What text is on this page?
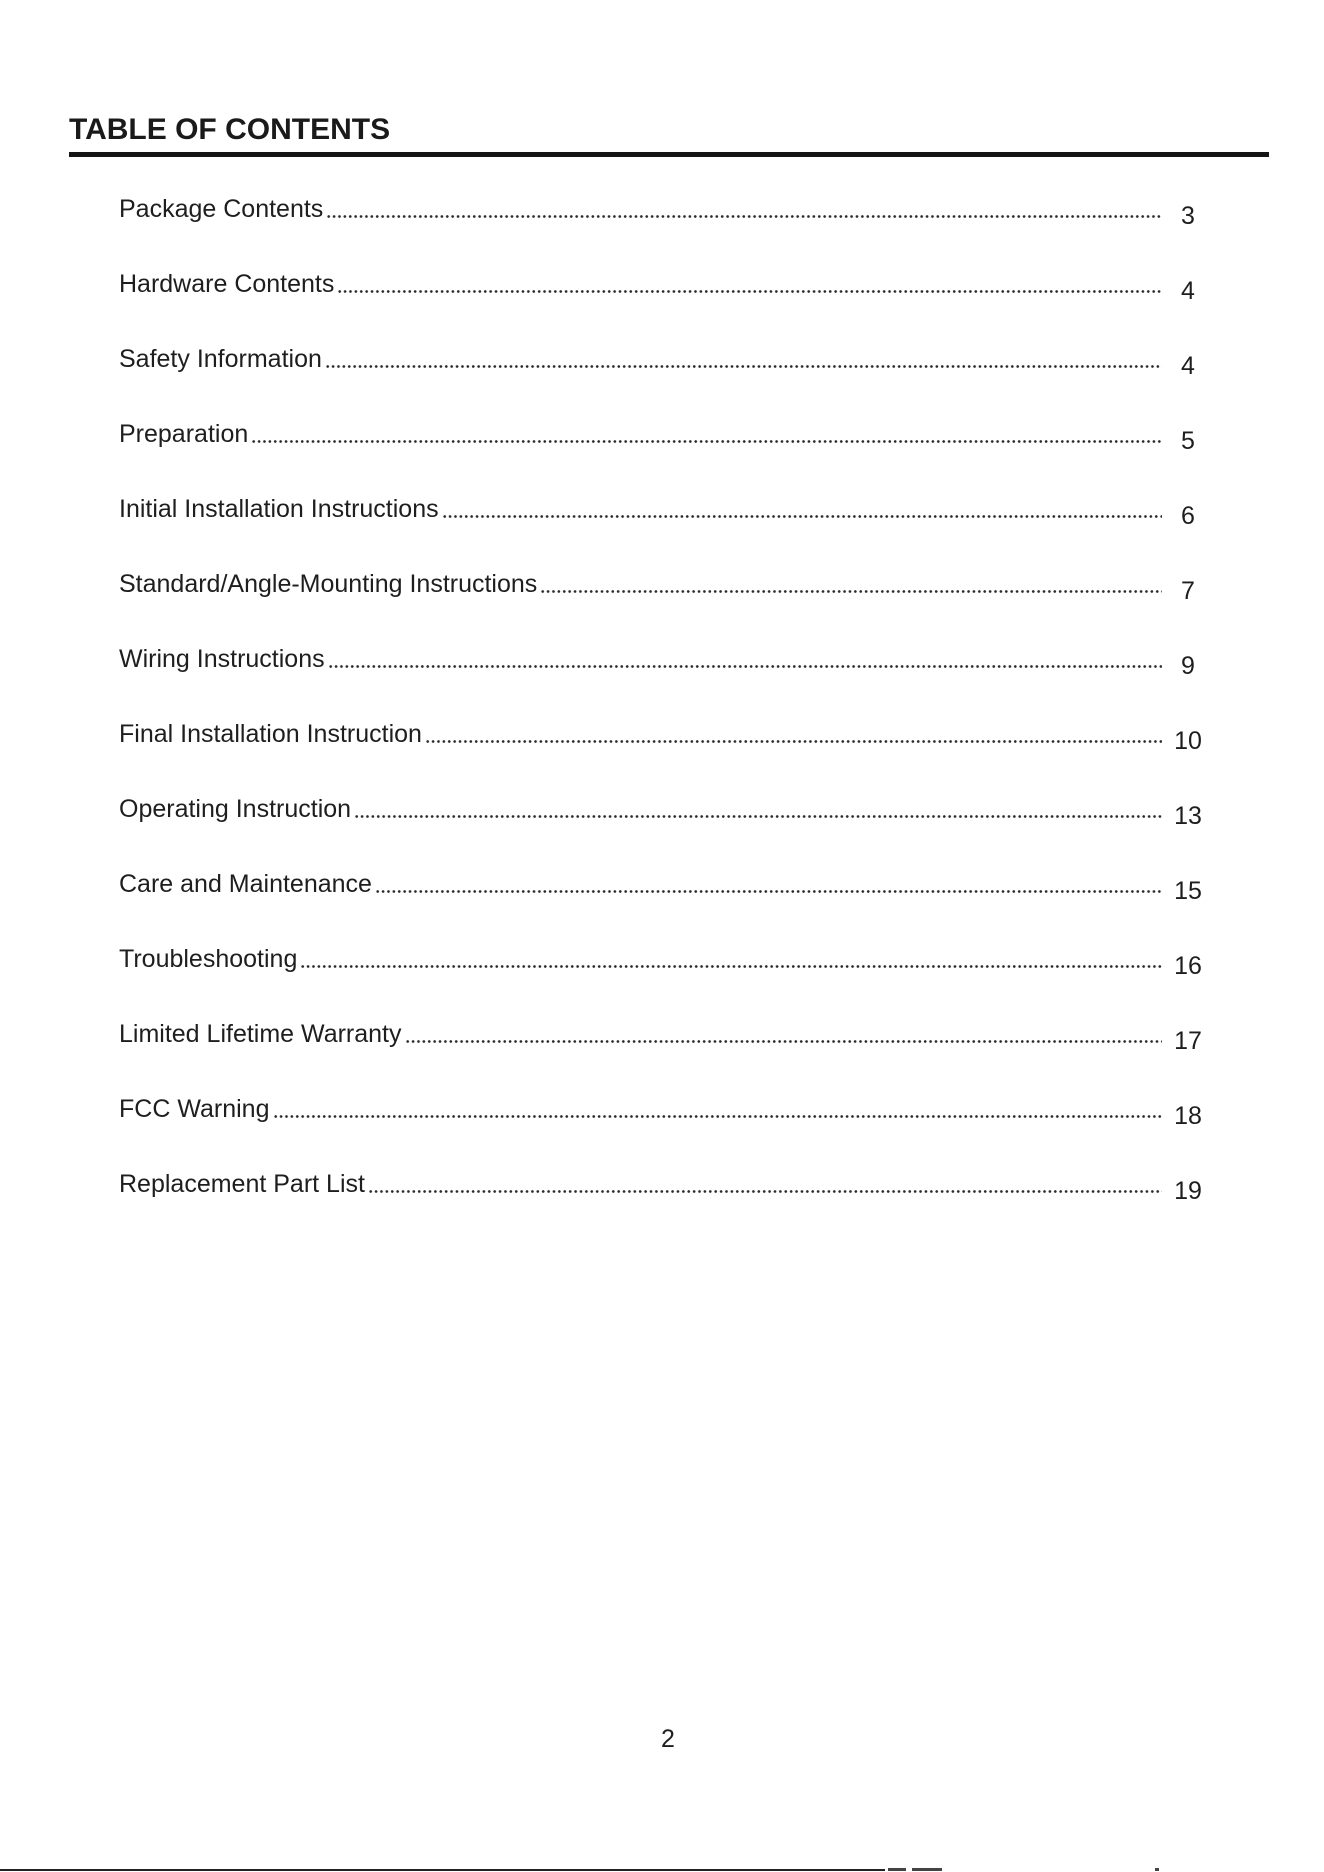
TABLE OF CONTENTS
Package Contents	3
Hardware Contents	4
Safety Information	4
Preparation	5
Initial Installation Instructions	6
Standard/Angle-Mounting Instructions	7
Wiring Instructions	9
Final Installation Instruction	10
Operating Instruction	13
Care and Maintenance	15
Troubleshooting	16
Limited Lifetime Warranty	17
FCC Warning	18
Replacement Part List	19
2
